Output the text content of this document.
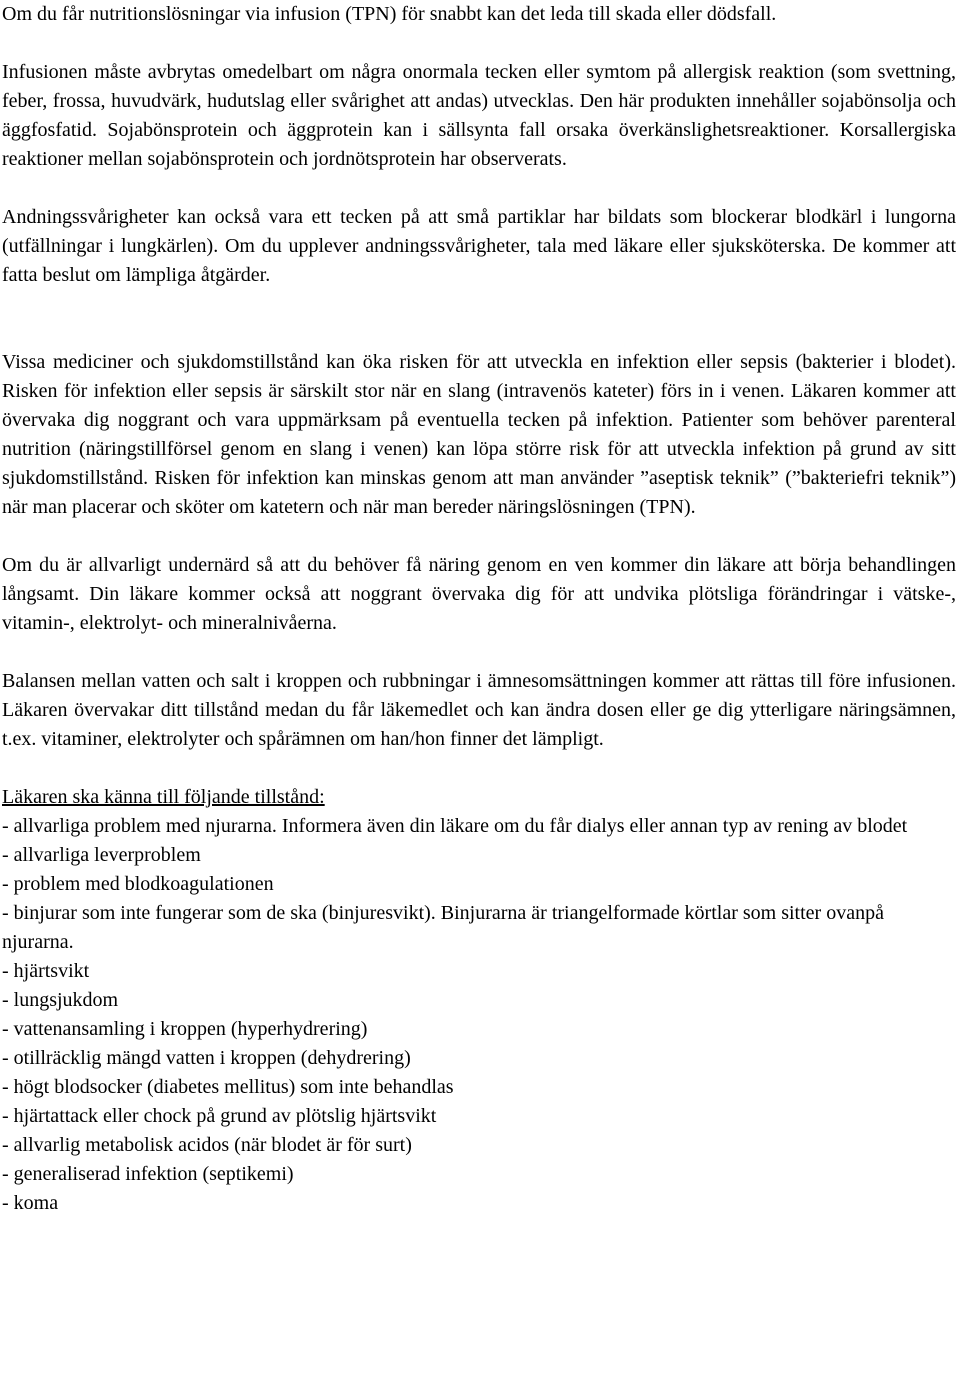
Om du får nutritionslösningar via infusion (TPN) för snabbt kan det leda till skada eller dödsfall.

Infusionen måste avbrytas omedelbart om några onormala tecken eller symtom på allergisk reaktion (som svettning, feber, frossa, huvudvärk, hudutslag eller svårighet att andas) utvecklas. Den här produkten innehåller sojabönsolja och äggfosfatid. Sojabönsprotein och äggprotein kan i sällsynta fall orsaka överkänslighetsreaktioner. Korsallergiska reaktioner mellan sojabönsprotein och jordnötsprotein har observerats.

Andningssvårigheter kan också vara ett tecken på att små partiklar har bildats som blockerar blodkärl i lungorna (utfällningar i lungkärlen). Om du upplever andningssvårigheter, tala med läkare eller sjuksköterska. De kommer att fatta beslut om lämpliga åtgärder.

Vissa mediciner och sjukdomstillstånd kan öka risken för att utveckla en infektion eller sepsis (bakterier i blodet). Risken för infektion eller sepsis är särskilt stor när en slang (intravenös kateter) förs in i venen. Läkaren kommer att övervaka dig noggrant och vara uppmärksam på eventuella tecken på infektion. Patienter som behöver parenteral nutrition (näringstillförsel genom en slang i venen) kan löpa större risk för att utveckla infektion på grund av sitt sjukdomstillstånd. Risken för infektion kan minskas genom att man använder ”aseptisk teknik” (”bakteriefri teknik”) när man placerar och sköter om katetern och när man bereder näringslösningen (TPN).

Om du är allvarligt undernärd så att du behöver få näring genom en ven kommer din läkare att börja behandlingen långsamt. Din läkare kommer också att noggrant övervaka dig för att undvika plötsliga förändringar i vätske-, vitamin-, elektrolyt- och mineralnivåerna.

Balansen mellan vatten och salt i kroppen och rubbningar i ämnesomsättningen kommer att rättas till före infusionen. Läkaren övervakar ditt tillstånd medan du får läkemedlet och kan ändra dosen eller ge dig ytterligare näringsämnen, t.ex. vitaminer, elektrolyter och spårämnen om han/hon finner det lämpligt.

Läkaren ska känna till följande tillstånd:

- allvarliga problem med njurarna. Informera även din läkare om du får dialys eller annan typ av rening av blodet
- allvarliga leverproblem
- problem med blodkoagulationen
- binjurar som inte fungerar som de ska (binjuresvikt). Binjurarna är triangelformade körtlar som sitter ovanpå njurarna.
- hjärtsvikt
- lungsjukdom
- vattenansamling i kroppen (hyperhydrering)
- otillräcklig mängd vatten i kroppen (dehydrering)
- högt blodsocker (diabetes mellitus) som inte behandlas
- hjärtattack eller chock på grund av plötslig hjärtsvikt
- allvarlig metabolisk acidos (när blodet är för surt)
- generaliserad infektion (septikemi)
- koma
